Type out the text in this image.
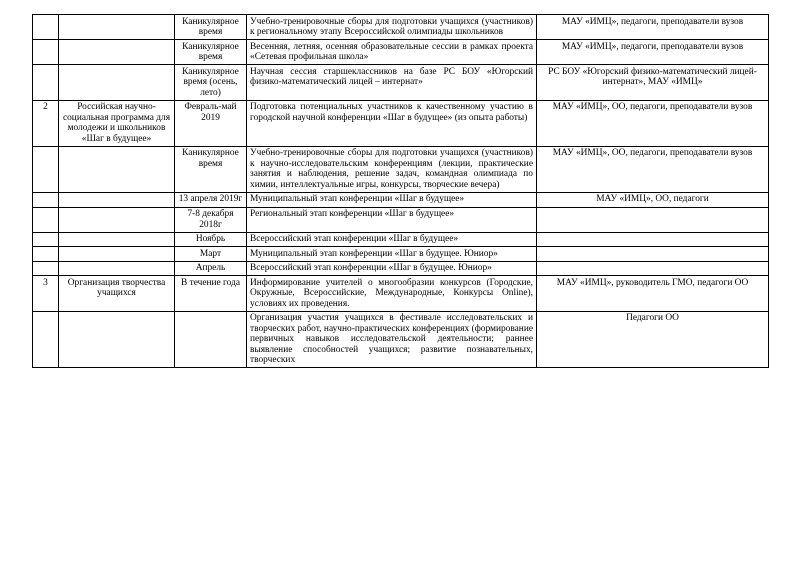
		Каникулярное время	Учебно-тренировочные сборы для подготовки учащихся (участников) к региональному этапу Всероссийской олимпиады школьников	МАУ «ИМЦ», педагоги, преподаватели вузов
		Каникулярное время	Весенняя, летняя, осенняя образовательные сессии в рамках проекта «Сетевая профильная школа»	МАУ «ИМЦ», педагоги, преподаватели вузов
		Каникулярное время (осень, лето)	Научная сессия старшеклассников на базе РС БОУ «Югорский физико-математический лицей – интернат»	РС БОУ «Югорский физико-математический лицей-интернат», МАУ «ИМЦ»
2	Российская научно-социальная программа для молодежи и школьников «Шаг в будущее»	Февраль-май 2019	Подготовка потенциальных участников к качественному участию в городской научной конференции «Шаг в будущее» (из опыта работы)	МАУ «ИМЦ», ОО, педагоги, преподаватели вузов
		Каникулярное время	Учебно-тренировочные сборы для подготовки учащихся (участников) к научно-исследовательским конференциям (лекции, практические занятия и наблюдения, решение задач, командная олимпиада по химии, интеллектуальные игры, конкурсы, творческие вечера)	МАУ «ИМЦ», ОО, педагоги, преподаватели вузов
		13 апреля 2019г	Муниципальный этап конференции «Шаг в будущее»	МАУ «ИМЦ», ОО, педагоги
		7-8 декабря 2018г	Региональный этап конференции «Шаг в будущее»	
		Ноябрь	Всероссийский этап конференции «Шаг в будущее»	
		Март	Муниципальный этап конференции «Шаг в будущее. Юниор»	
		Апрель	Всероссийский этап конференции «Шаг в будущее. Юниор»	
3	Организация творчества учащихся	В течение года	Информирование учителей о многообразии конкурсов (Городские, Окружные, Всероссийские, Международные, Конкурсы Online), условиях их проведения.	МАУ «ИМЦ», руководитель ГМО, педагоги ОО
			Организация участия учащихся в фестивале исследовательских и творческих работ, научно-практических конференциях (формирование первичных навыков исследовательской деятельности; раннее выявление способностей учащихся; развитие познавательных, творческих	Педагоги ОО
